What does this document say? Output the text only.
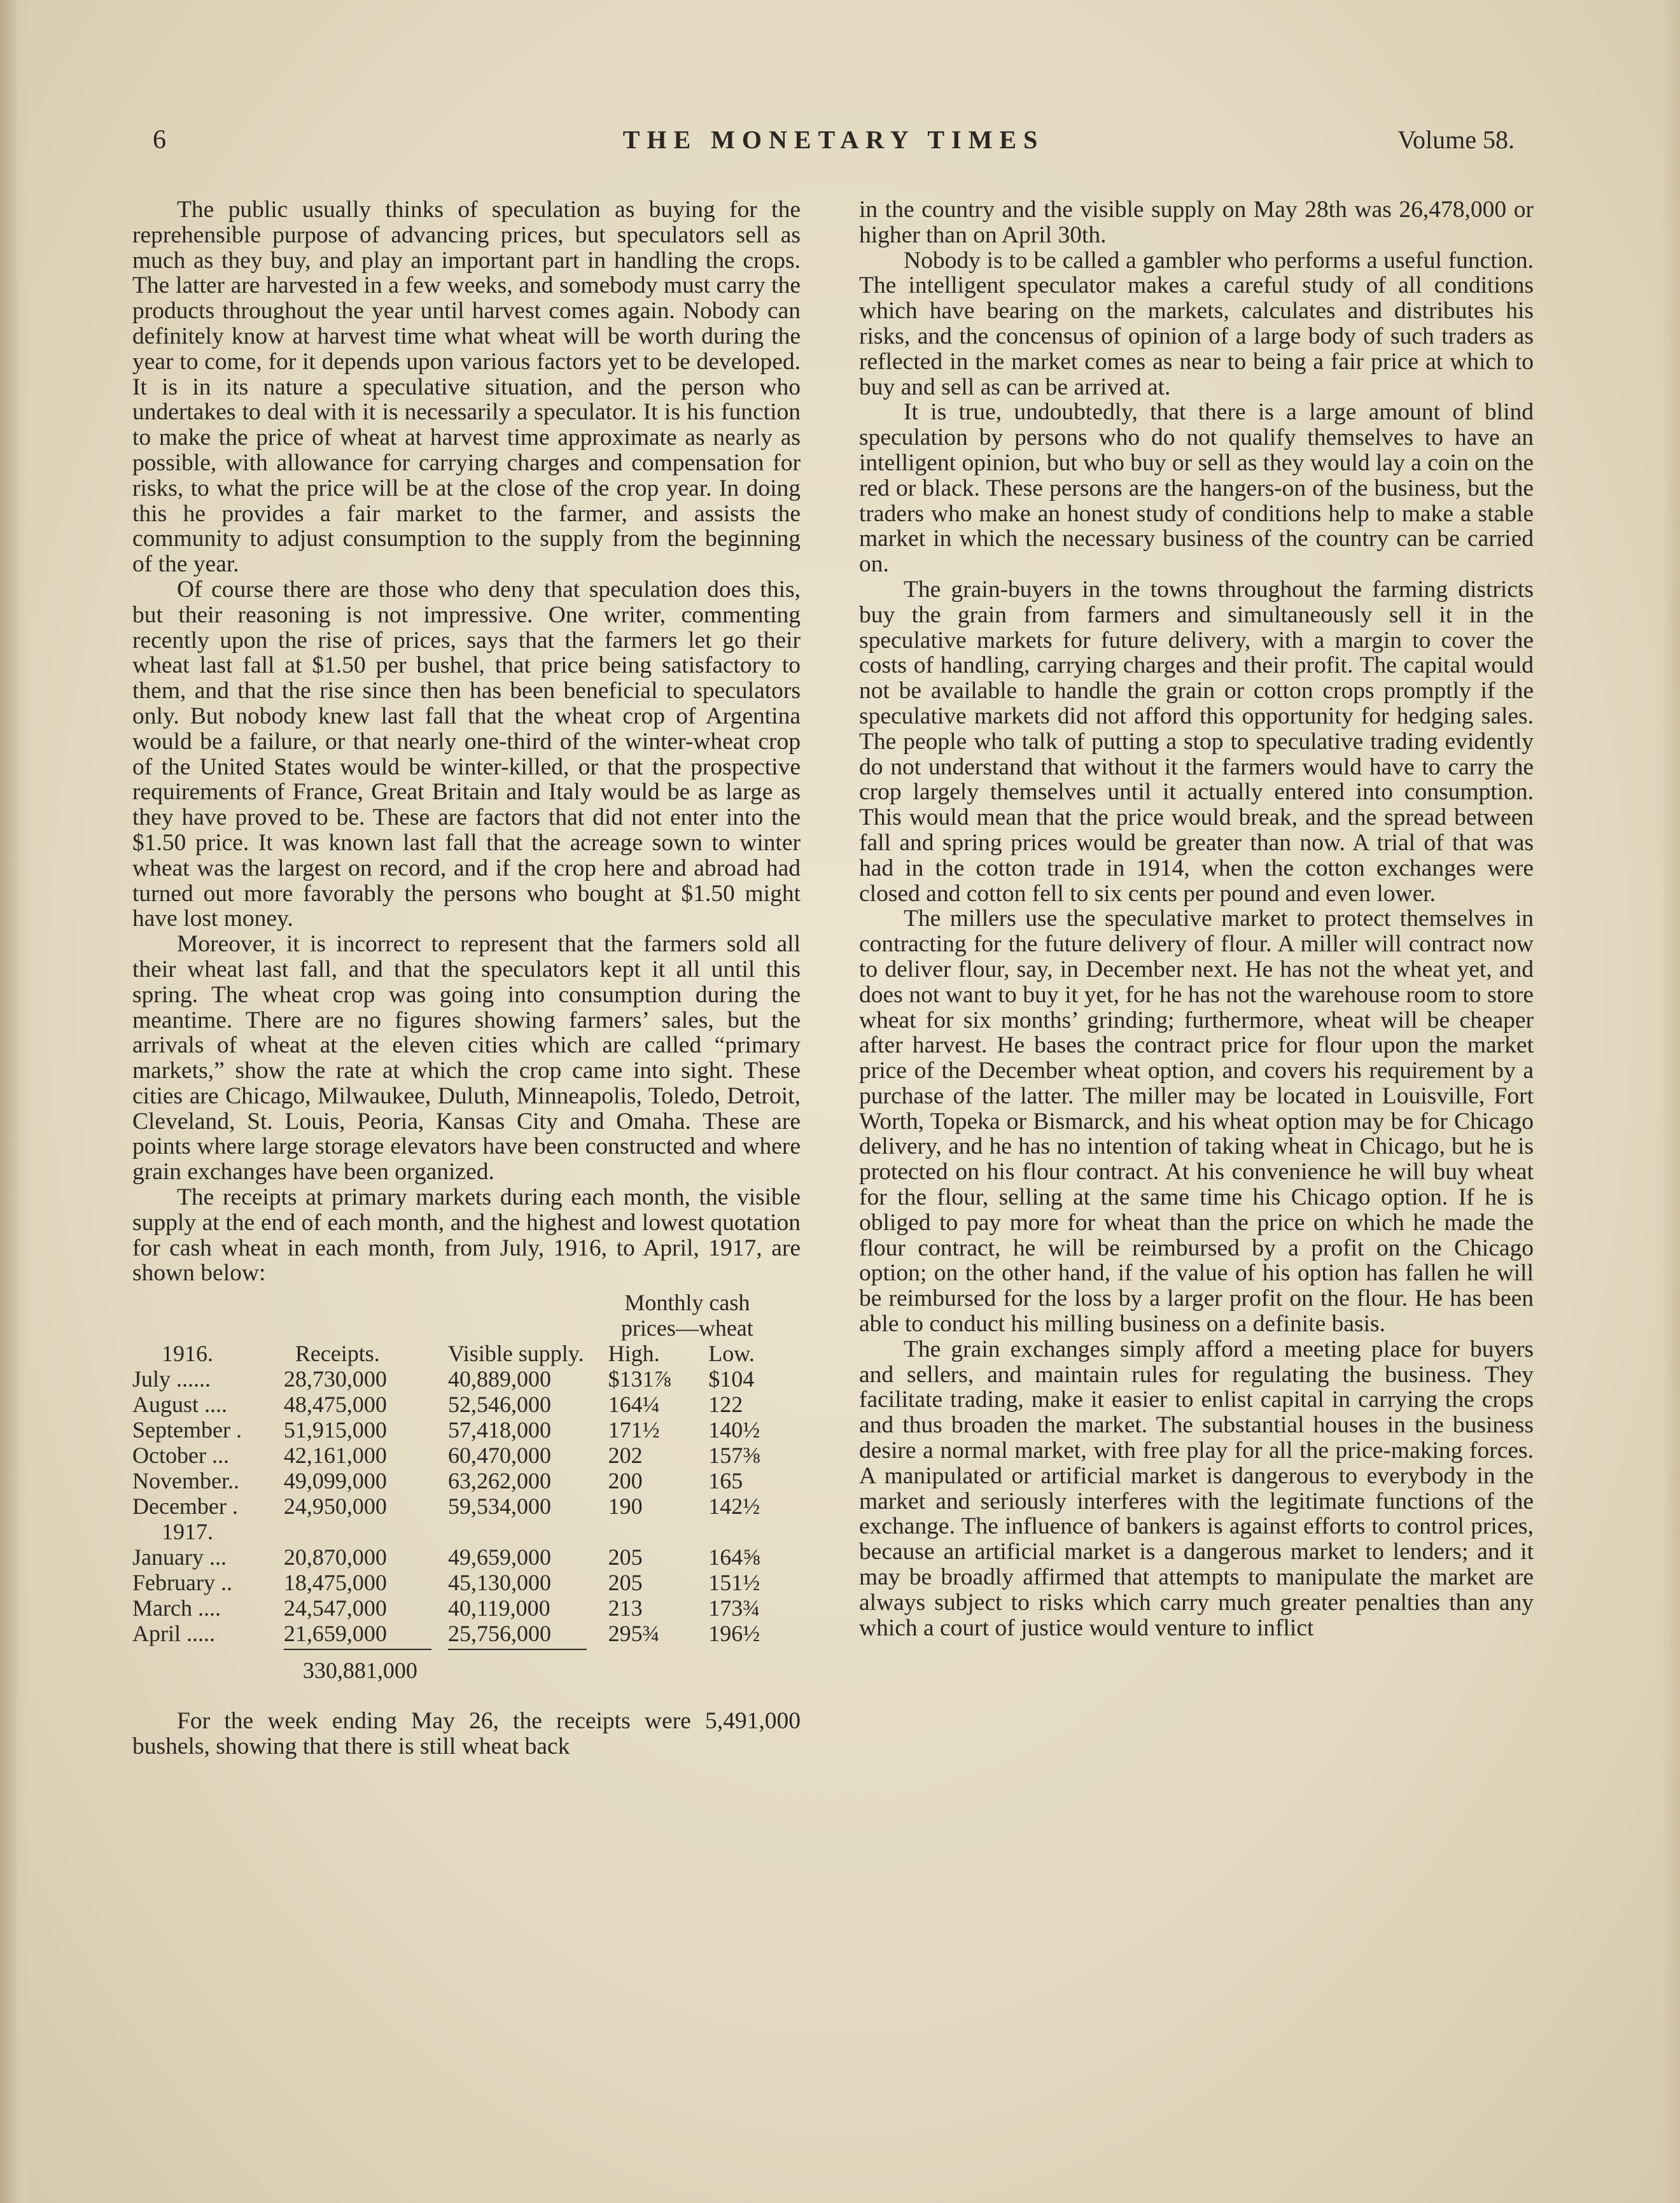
6	THE MONETARY TIMES	Volume 58.

The public usually thinks of speculation as buying for the reprehensible purpose of advancing prices, but speculators sell as much as they buy, and play an important part in handling the crops. The latter are harvested in a few weeks, and somebody must carry the products throughout the year until harvest comes again. Nobody can definitely know at harvest time what wheat will be worth during the year to come, for it depends upon various factors yet to be developed. It is in its nature a speculative situation, and the person who undertakes to deal with it is necessarily a speculator. It is his function to make the price of wheat at harvest time approximate as nearly as possible, with allowance for carrying charges and compensation for risks, to what the price will be at the close of the crop year. In doing this he provides a fair market to the farmer, and assists the community to adjust consumption to the supply from the beginning of the year.

Of course there are those who deny that speculation does this, but their reasoning is not impressive. One writer, commenting recently upon the rise of prices, says that the farmers let go their wheat last fall at $1.50 per bushel, that price being satisfactory to them, and that the rise since then has been beneficial to speculators only. But nobody knew last fall that the wheat crop of Argentina would be a failure, or that nearly one-third of the winter-wheat crop of the United States would be winter-killed, or that the prospective requirements of France, Great Britain and Italy would be as large as they have proved to be. These are factors that did not enter into the $1.50 price. It was known last fall that the acreage sown to winter wheat was the largest on record, and if the crop here and abroad had turned out more favorably the persons who bought at $1.50 might have lost money.

Moreover, it is incorrect to represent that the farmers sold all their wheat last fall, and that the speculators kept it all until this spring. The wheat crop was going into consumption during the meantime. There are no figures showing farmers’ sales, but the arrivals of wheat at the eleven cities which are called “primary markets,” show the rate at which the crop came into sight. These cities are Chicago, Milwaukee, Duluth, Minneapolis, Toledo, Detroit, Cleveland, St. Louis, Peoria, Kansas City and Omaha. These are points where large storage elevators have been constructed and where grain exchanges have been organized.

The receipts at primary markets during each month, the visible supply at the end of each month, and the highest and lowest quotation for cash wheat in each month, from July, 1916, to April, 1917, are shown below:

1916.	Receipts.	Visible supply.	Monthly cash	
			prices—wheat	
			High.	Low.
July ......	28,730,000	40,889,000	$131⅞	$104
August ....	48,475,000	52,546,000	164¼	122
September .	51,915,000	57,418,000	171½	140½
October ...	42,161,000	60,470,000	202	157⅜
November..	49,099,000	63,262,000	200	165
December .	24,950,000	59,534,000	190	142½
1917.				
January ...	20,870,000	49,659,000	205	164⅝
February ..	18,475,000	45,130,000	205	151½
March ....	24,547,000	40,119,000	213	173¾
April .....	21,659,000	25,756,000	295¾	196½

	330,881,000			

For the week ending May 26, the receipts were 5,491,000 bushels, showing that there is still wheat back

in the country and the visible supply on May 28th was 26,478,000 or higher than on April 30th.

Nobody is to be called a gambler who performs a useful function. The intelligent speculator makes a careful study of all conditions which have bearing on the markets, calculates and distributes his risks, and the concensus of opinion of a large body of such traders as reflected in the market comes as near to being a fair price at which to buy and sell as can be arrived at.

It is true, undoubtedly, that there is a large amount of blind speculation by persons who do not qualify themselves to have an intelligent opinion, but who buy or sell as they would lay a coin on the red or black. These persons are the hangers-on of the business, but the traders who make an honest study of conditions help to make a stable market in which the necessary business of the country can be carried on.

The grain-buyers in the towns throughout the farming districts buy the grain from farmers and simultaneously sell it in the speculative markets for future delivery, with a margin to cover the costs of handling, carrying charges and their profit. The capital would not be available to handle the grain or cotton crops promptly if the speculative markets did not afford this opportunity for hedging sales. The people who talk of putting a stop to speculative trading evidently do not understand that without it the farmers would have to carry the crop largely themselves until it actually entered into consumption. This would mean that the price would break, and the spread between fall and spring prices would be greater than now. A trial of that was had in the cotton trade in 1914, when the cotton exchanges were closed and cotton fell to six cents per pound and even lower.

The millers use the speculative market to protect themselves in contracting for the future delivery of flour. A miller will contract now to deliver flour, say, in December next. He has not the wheat yet, and does not want to buy it yet, for he has not the warehouse room to store wheat for six months’ grinding; furthermore, wheat will be cheaper after harvest. He bases the contract price for flour upon the market price of the December wheat option, and covers his requirement by a purchase of the latter. The miller may be located in Louisville, Fort Worth, Topeka or Bismarck, and his wheat option may be for Chicago delivery, and he has no intention of taking wheat in Chicago, but he is protected on his flour contract. At his convenience he will buy wheat for the flour, selling at the same time his Chicago option. If he is obliged to pay more for wheat than the price on which he made the flour contract, he will be reimbursed by a profit on the Chicago option; on the other hand, if the value of his option has fallen he will be reimbursed for the loss by a larger profit on the flour. He has been able to conduct his milling business on a definite basis.

The grain exchanges simply afford a meeting place for buyers and sellers, and maintain rules for regulating the business. They facilitate trading, make it easier to enlist capital in carrying the crops and thus broaden the market. The substantial houses in the business desire a normal market, with free play for all the price-making forces. A manipulated or artificial market is dangerous to everybody in the market and seriously interferes with the legitimate functions of the exchange. The influence of bankers is against efforts to control prices, because an artificial market is a dangerous market to lenders; and it may be broadly affirmed that attempts to manipulate the market are always subject to risks which carry much greater penalties than any which a court of justice would venture to inflict
